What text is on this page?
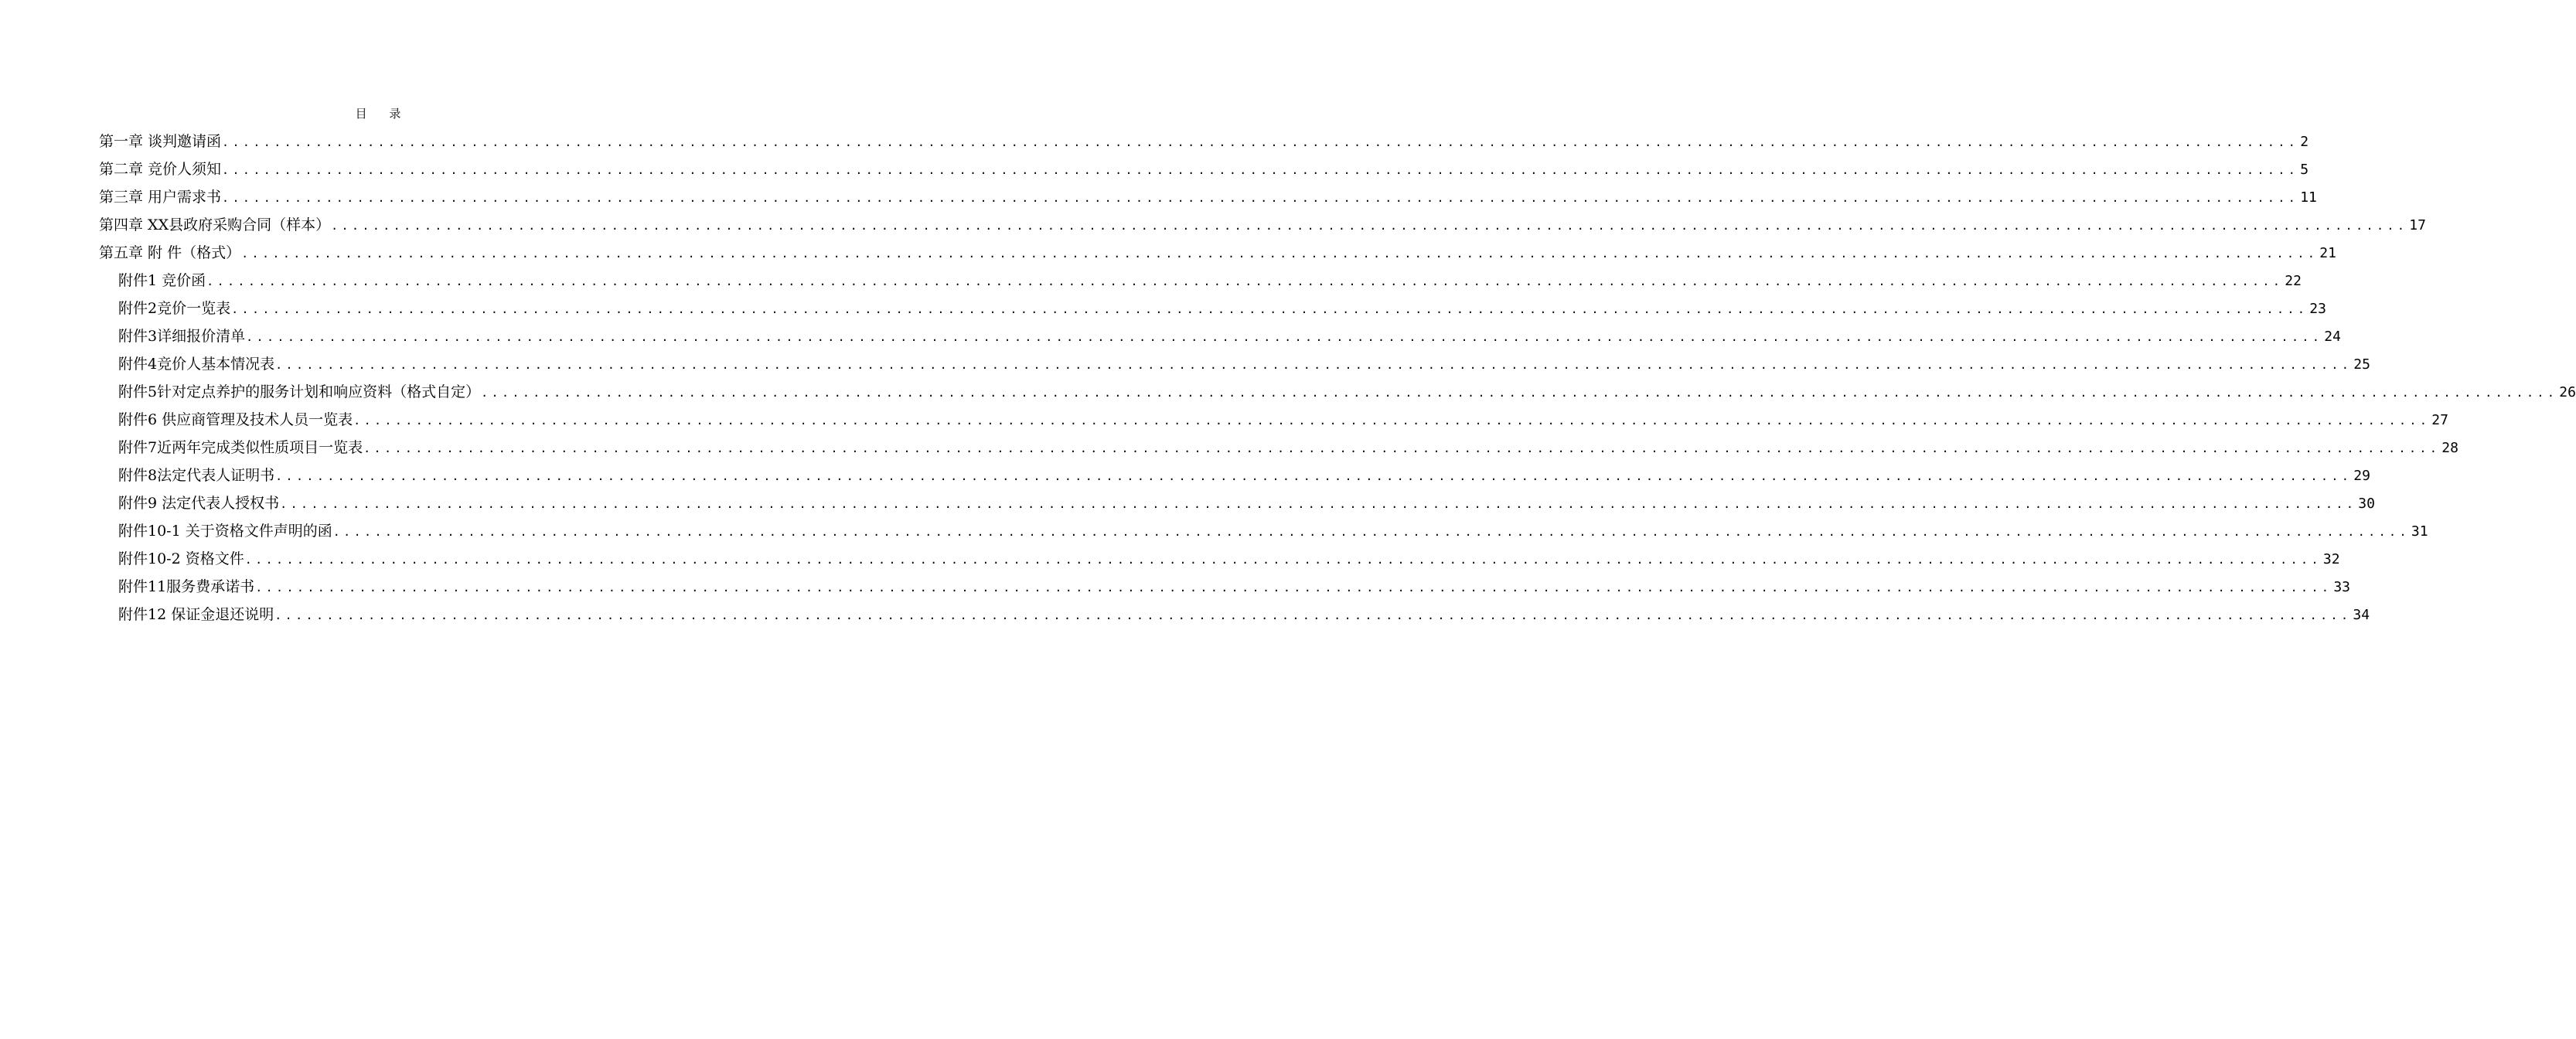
目 录
第一章 谈判邀请函 ........................................................................................................................................................................................................ 2
第二章 竞价人须知 ........................................................................................................................................................................................................ 5
第三章 用户需求书 ........................................................................................................................................................................................................ 11
第四章 XX县政府采购合同（样本） ........................................................................................................................................................................................................ 17
第五章 附 件（格式） ........................................................................................................................................................................................................ 21
附件1 竞价函 ........................................................................................................................................................................................................ 22
附件2竞价一览表 ........................................................................................................................................................................................................ 23
附件3详细报价清单 ........................................................................................................................................................................................................ 24
附件4竞价人基本情况表 ........................................................................................................................................................................................................ 25
附件5针对定点养护的服务计划和响应资料（格式自定） ........................................................................................................................................................................................................ 26
附件6 供应商管理及技术人员一览表 ........................................................................................................................................................................................................ 27
附件7近两年完成类似性质项目一览表 ........................................................................................................................................................................................................ 28
附件8法定代表人证明书 ........................................................................................................................................................................................................ 29
附件9 法定代表人授权书 ........................................................................................................................................................................................................ 30
附件10-1 关于资格文件声明的函 ........................................................................................................................................................................................................ 31
附件10-2 资格文件 ........................................................................................................................................................................................................ 32
附件11服务费承诺书 ........................................................................................................................................................................................................ 33
附件12 保证金退还说明 ........................................................................................................................................................................................................ 34
